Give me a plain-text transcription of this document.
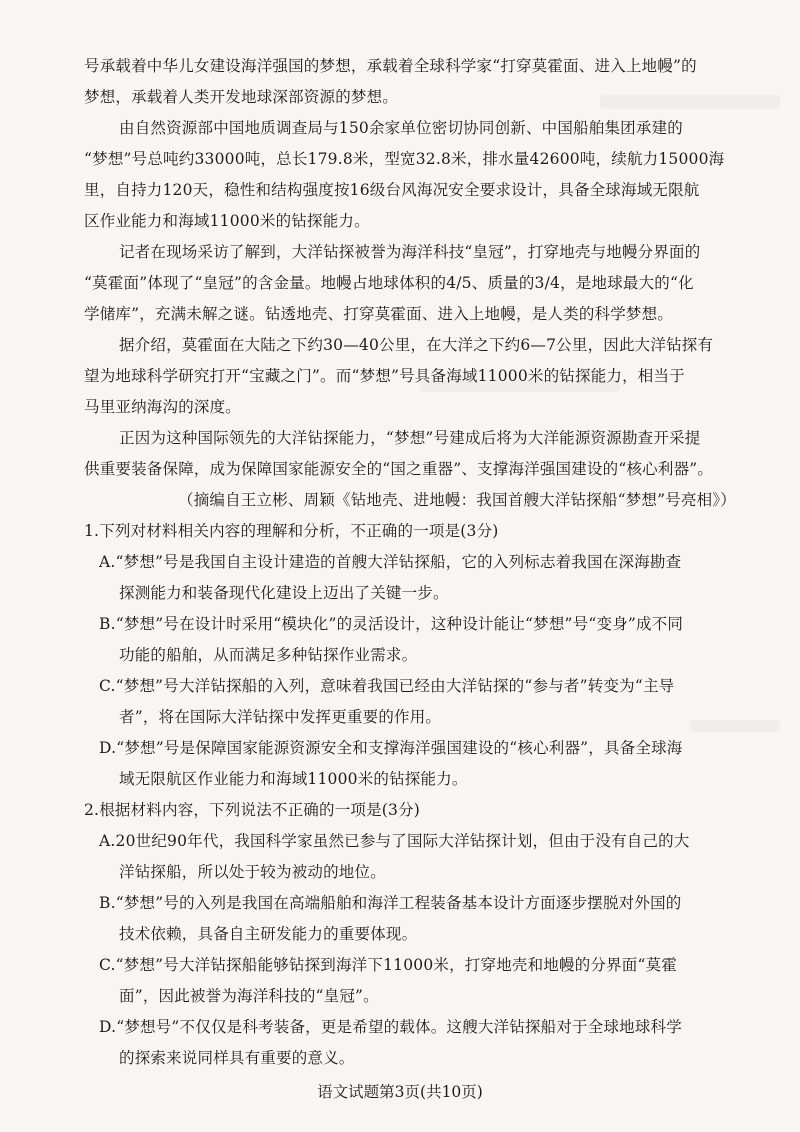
号承载着中华儿女建设海洋强国的梦想，承载着全球科学家“打穿莫霍面、进入上地幔”的
梦想，承载着人类开发地球深部资源的梦想。
由自然资源部中国地质调查局与150余家单位密切协同创新、中国船舶集团承建的
“梦想”号总吨约33000吨，总长179.8米，型宽32.8米，排水量42600吨，续航力15000海
里，自持力120天，稳性和结构强度按16级台风海况安全要求设计，具备全球海域无限航
区作业能力和海域11000米的钻探能力。
记者在现场采访了解到，大洋钻探被誉为海洋科技“皇冠”，打穿地壳与地幔分界面的
“莫霍面”体现了“皇冠”的含金量。地幔占地球体积的4/5、质量的3/4，是地球最大的“化
学储库”，充满未解之谜。钻透地壳、打穿莫霍面、进入上地幔，是人类的科学梦想。
据介绍，莫霍面在大陆之下约30—40公里，在大洋之下约6—7公里，因此大洋钻探有
望为地球科学研究打开“宝藏之门”。而“梦想”号具备海域11000米的钻探能力，相当于
马里亚纳海沟的深度。
正因为这种国际领先的大洋钻探能力，“梦想”号建成后将为大洋能源资源勘查开采提
供重要装备保障，成为保障国家能源安全的“国之重器”、支撑海洋强国建设的“核心利器”。
（摘编自王立彬、周颖《钻地壳、进地幔：我国首艘大洋钻探船“梦想”号亮相》）
1.下列对材料相关内容的理解和分析，不正确的一项是(3分)
A.“梦想”号是我国自主设计建造的首艘大洋钻探船，它的入列标志着我国在深海勘查
探测能力和装备现代化建设上迈出了关键一步。
B.“梦想”号在设计时采用“模块化”的灵活设计，这种设计能让“梦想”号“变身”成不同
功能的船舶，从而满足多种钻探作业需求。
C.“梦想”号大洋钻探船的入列，意味着我国已经由大洋钻探的“参与者”转变为“主导
者”，将在国际大洋钻探中发挥更重要的作用。
D.“梦想”号是保障国家能源资源安全和支撑海洋强国建设的“核心利器”，具备全球海
域无限航区作业能力和海域11000米的钻探能力。
2.根据材料内容，下列说法不正确的一项是(3分)
A.20世纪90年代，我国科学家虽然已参与了国际大洋钻探计划，但由于没有自己的大
洋钻探船，所以处于较为被动的地位。
B.“梦想”号的入列是我国在高端船舶和海洋工程装备基本设计方面逐步摆脱对外国的
技术依赖，具备自主研发能力的重要体现。
C.“梦想”号大洋钻探船能够钻探到海洋下11000米，打穿地壳和地幔的分界面“莫霍
面”，因此被誉为海洋科技的“皇冠”。
D.“梦想号”不仅仅是科考装备，更是希望的载体。这艘大洋钻探船对于全球地球科学
的探索来说同样具有重要的意义。
语文试题第3页(共10页)
